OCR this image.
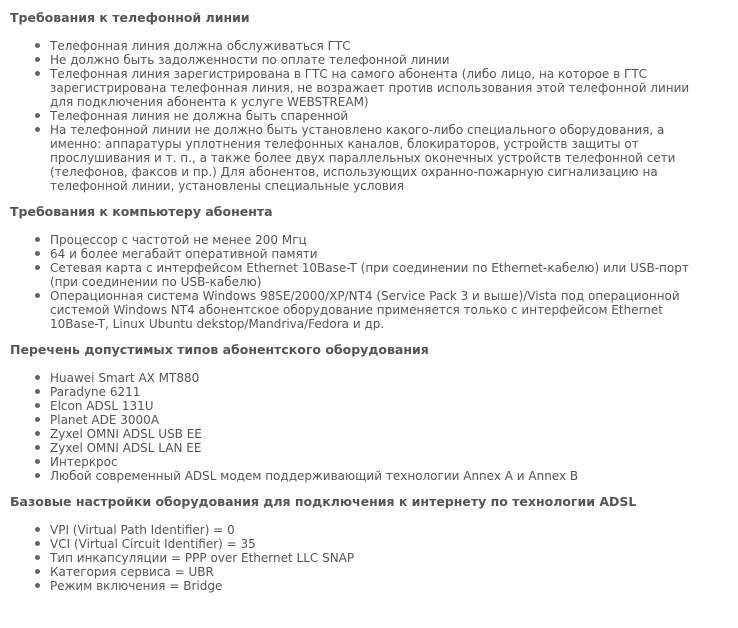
Требования к телефонной линии
Телефонная линия должна обслуживаться ГТС
Не должно быть задолженности по оплате телефонной линии
Телефонная линия зарегистрирована в ГТС на самого абонента (либо лицо, на которое в ГТС зарегистрирована телефонная линия, не возражает против использования этой телефонной линии для подключения абонента к услуге WEBSTREAM)
Телефонная линия не должна быть спаренной
На телефонной линии не должно быть установлено какого-либо специального оборудования, а именно: аппаратуры уплотнения телефонных каналов, блокираторов, устройств защиты от прослушивания и т. п., а также более двух параллельных оконечных устройств телефонной сети (телефонов, факсов и пр.) Для абонентов, использующих охранно-пожарную сигнализацию на телефонной линии, установлены специальные условия
Требования к компьютеру абонента
Процессор с частотой не менее 200 Мгц
64 и более мегабайт оперативной памяти
Сетевая карта с интерфейсом Ethernet 10Base-T (при соединении по Ethernet-кабелю) или USB-порт (при соединении по USB-кабелю)
Операционная система Windows 98SE/2000/XP/NT4 (Service Pack 3 и выше)/Vista под операционной системой Windows NT4 абонентское оборудование применяется только с интерфейсом Ethernet 10Base-T, Linux Ubuntu dekstop/Mandriva/Fedora и др.
Перечень допустимых типов абонентского оборудования
Huawei Smart AX MT880
Paradyne 6211
Elcon ADSL 131U
Planet ADE 3000A
Zyxel OMNI ADSL USB EE
Zyxel OMNI ADSL LAN EE
Интеркрос
Любой современный ADSL модем поддерживающий технологии Annex A и Annex B
Базовые настройки оборудования для подключения к интернету по технологии ADSL
VPI (Virtual Path Identifier) = 0
VCI (Virtual Circuit Identifier) = 35
Тип инкапсуляции = PPP over Ethernet LLC SNAP
Категория сервиса = UBR
Режим включения = Bridge
